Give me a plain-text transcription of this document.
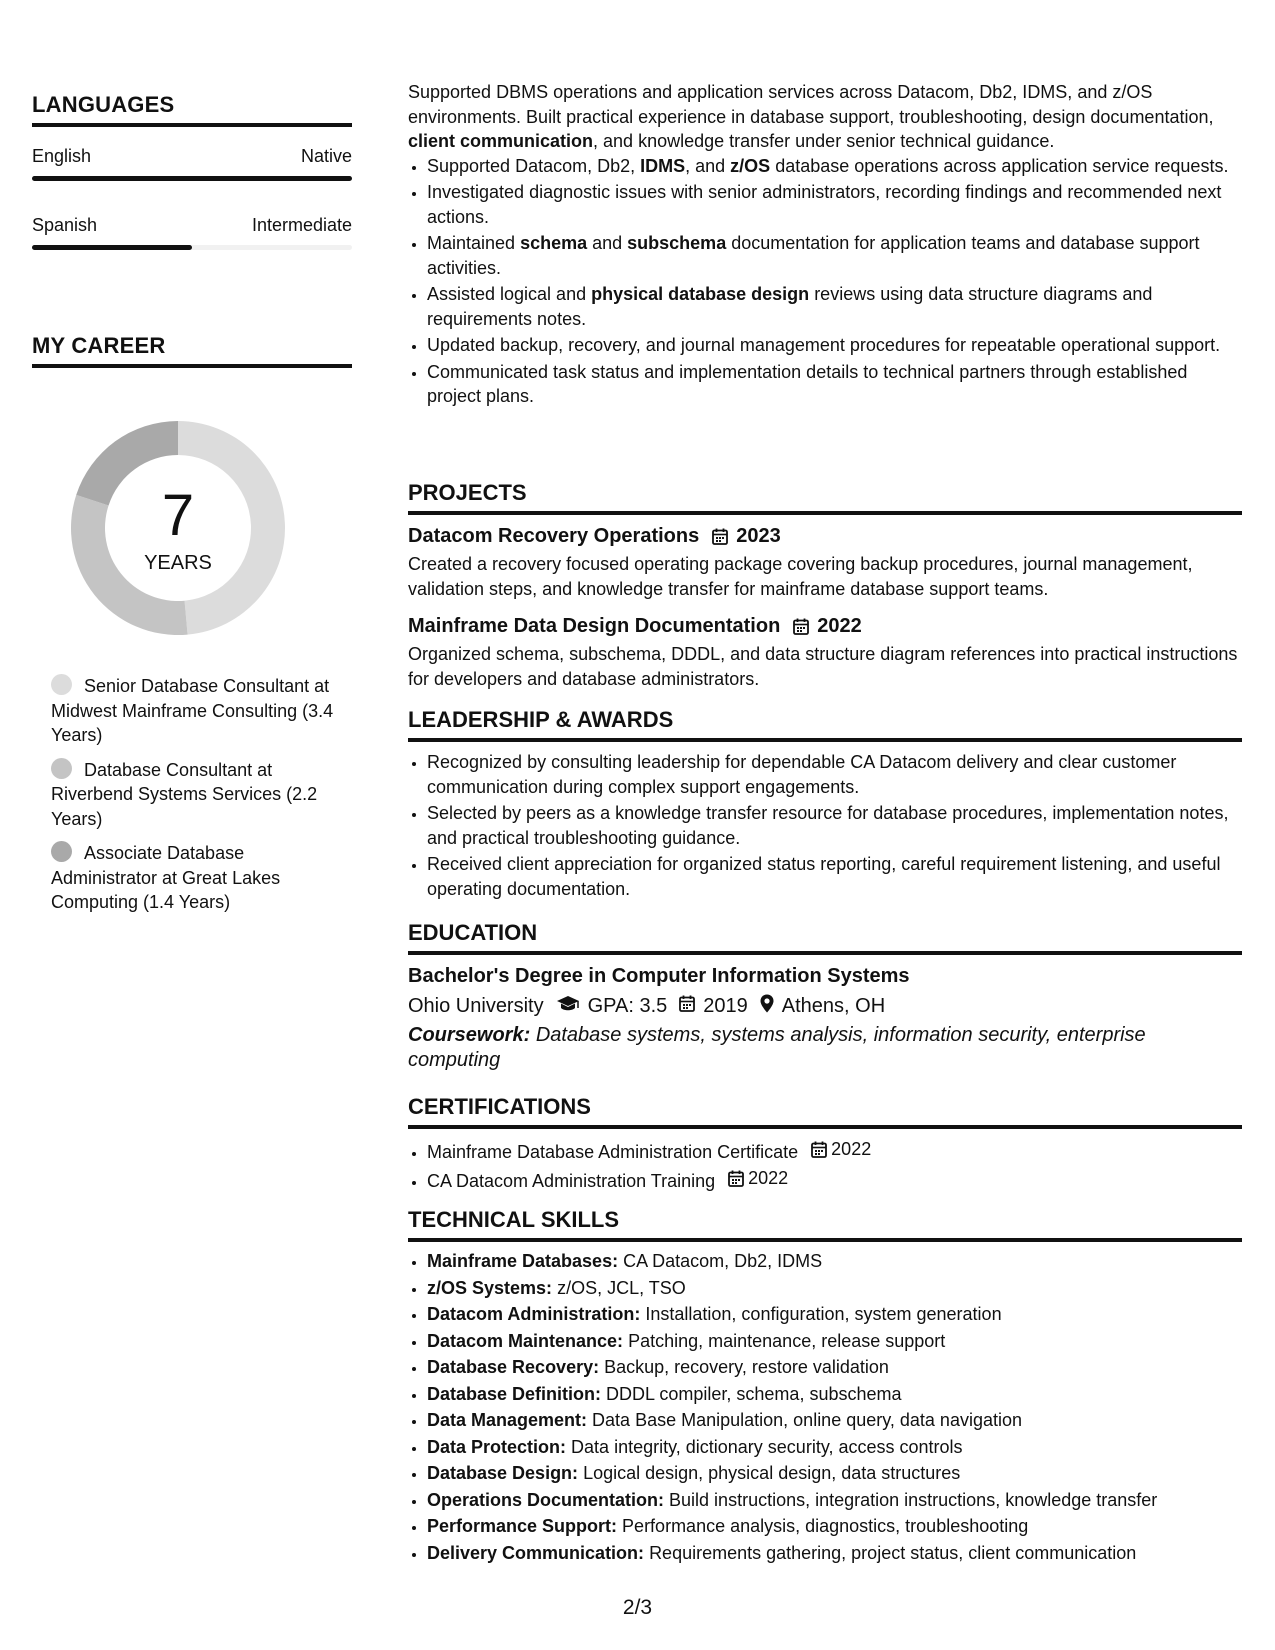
LANGUAGES
English	Native
Spanish	Intermediate
MY CAREER
7
YEARS
Senior Database Consultant at Midwest Mainframe Consulting (3.4 Years)
Database Consultant at Riverbend Systems Services (2.2 Years)
Associate Database Administrator at Great Lakes Computing (1.4 Years)

Supported DBMS operations and application services across Datacom, Db2, IDMS, and z/OS environments. Built practical experience in database support, troubleshooting, design documentation, client communication, and knowledge transfer under senior technical guidance.

• Supported Datacom, Db2, IDMS, and z/OS database operations across application service requests.
• Investigated diagnostic issues with senior administrators, recording findings and recommended next actions.
• Maintained schema and subschema documentation for application teams and database support activities.
• Assisted logical and physical database design reviews using data structure diagrams and requirements notes.
• Updated backup, recovery, and journal management procedures for repeatable operational support.
• Communicated task status and implementation details to technical partners through established project plans.
PROJECTS
Datacom Recovery Operations 2023

Created a recovery focused operating package covering backup procedures, journal management, validation steps, and knowledge transfer for mainframe database support teams.

Mainframe Data Design Documentation 2022

Organized schema, subschema, DDDL, and data structure diagram references into practical instructions for developers and database administrators.

LEADERSHIP & AWARDS
• Recognized by consulting leadership for dependable CA Datacom delivery and clear customer communication during complex support engagements.
• Selected by peers as a knowledge transfer resource for database procedures, implementation notes, and practical troubleshooting guidance.
• Received client appreciation for organized status reporting, careful requirement listening, and useful operating documentation.
EDUCATION
Bachelor's Degree in Computer Information Systems
Ohio University GPA: 3.5 2019 Athens, OH

Coursework: Database systems, systems analysis, information security, enterprise computing

CERTIFICATIONS
• Mainframe Database Administration Certificate 2022
• CA Datacom Administration Training 2022
TECHNICAL SKILLS
• Mainframe Databases: CA Datacom, Db2, IDMS
• z/OS Systems: z/OS, JCL, TSO
• Datacom Administration: Installation, configuration, system generation
• Datacom Maintenance: Patching, maintenance, release support
• Database Recovery: Backup, recovery, restore validation
• Database Definition: DDDL compiler, schema, subschema
• Data Management: Data Base Manipulation, online query, data navigation
• Data Protection: Data integrity, dictionary security, access controls
• Database Design: Logical design, physical design, data structures
• Operations Documentation: Build instructions, integration instructions, knowledge transfer
• Performance Support: Performance analysis, diagnostics, troubleshooting
• Delivery Communication: Requirements gathering, project status, client communication
2/3
